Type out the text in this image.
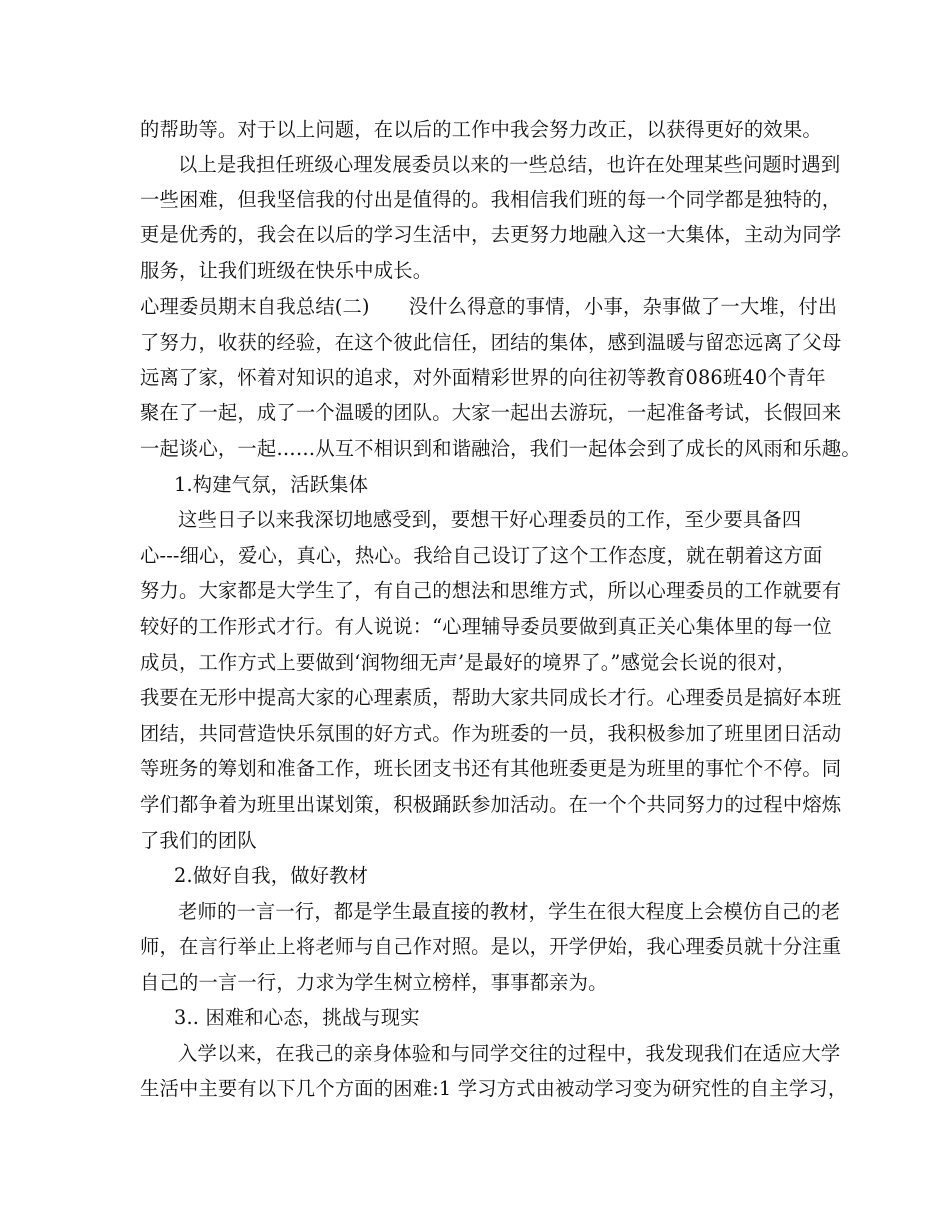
的帮助等。对于以上问题，在以后的工作中我会努力改正，以获得更好的效果。
以上是我担任班级心理发展委员以来的一些总结，也许在处理某些问题时遇到
一些困难，但我坚信我的付出是值得的。我相信我们班的每一个同学都是独特的，
更是优秀的，我会在以后的学习生活中，去更努力地融入这一大集体，主动为同学
服务，让我们班级在快乐中成长。
心理委员期末自我总结(二)　　没什么得意的事情，小事，杂事做了一大堆，付出
了努力，收获的经验，在这个彼此信任，团结的集体，感到温暖与留恋远离了父母
远离了家，怀着对知识的追求，对外面精彩世界的向往初等教育086班40个青年
聚在了一起，成了一个温暖的团队。大家一起出去游玩，一起准备考试，长假回来
一起谈心，一起……从互不相识到和谐融洽，我们一起体会到了成长的风雨和乐趣。
1.构建气氛，活跃集体
这些日子以来我深切地感受到，要想干好心理委员的工作，至少要具备四
心---细心，爱心，真心，热心。我给自己设订了这个工作态度，就在朝着这方面
努力。大家都是大学生了，有自己的想法和思维方式，所以心理委员的工作就要有
较好的工作形式才行。有人说说：“心理辅导委员要做到真正关心集体里的每一位
成员，工作方式上要做到‘润物细无声’是最好的境界了。”感觉会长说的很对，
我要在无形中提高大家的心理素质，帮助大家共同成长才行。心理委员是搞好本班
团结，共同营造快乐氛围的好方式。作为班委的一员，我积极参加了班里团日活动
等班务的筹划和准备工作，班长团支书还有其他班委更是为班里的事忙个不停。同
学们都争着为班里出谋划策，积极踊跃参加活动。在一个个共同努力的过程中熔炼
了我们的团队
2.做好自我，做好教材
老师的一言一行，都是学生最直接的教材，学生在很大程度上会模仿自己的老
师，在言行举止上将老师与自己作对照。是以，开学伊始，我心理委员就十分注重
自己的一言一行，力求为学生树立榜样，事事都亲为。
3.. 困难和心态，挑战与现实
入学以来，在我己的亲身体验和与同学交往的过程中，我发现我们在适应大学
生活中主要有以下几个方面的困难:1 学习方式由被动学习变为研究性的自主学习，
